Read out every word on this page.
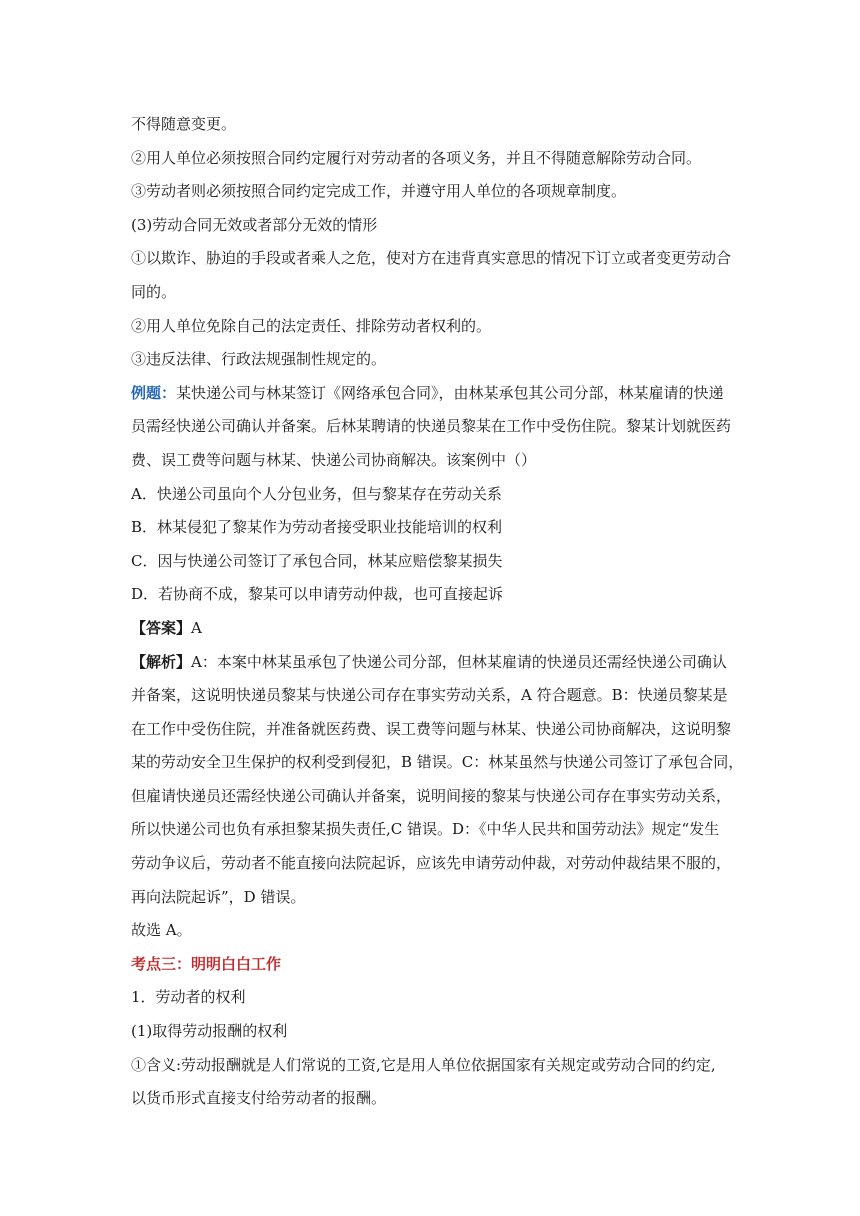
不得随意变更。

②用人单位必须按照合同约定履行对劳动者的各项义务，并且不得随意解除劳动合同。

③劳动者则必须按照合同约定完成工作，并遵守用人单位的各项规章制度。

(3)劳动合同无效或者部分无效的情形

①以欺诈、胁迫的手段或者乘人之危，使对方在违背真实意思的情况下订立或者变更劳动合

同的。

②用人单位免除自己的法定责任、排除劳动者权利的。

③违反法律、行政法规强制性规定的。

例题：某快递公司与林某签订《网络承包合同》，由林某承包其公司分部，林某雇请的快递

员需经快递公司确认并备案。后林某聘请的快递员黎某在工作中受伤住院。黎某计划就医药

费、误工费等问题与林某、快递公司协商解决。该案例中（）

A．快递公司虽向个人分包业务，但与黎某存在劳动关系

B．林某侵犯了黎某作为劳动者接受职业技能培训的权利

C．因与快递公司签订了承包合同，林某应赔偿黎某损失

D．若协商不成，黎某可以申请劳动仲裁，也可直接起诉

【答案】A

【解析】A：本案中林某虽承包了快递公司分部，但林某雇请的快递员还需经快递公司确认

并备案，这说明快递员黎某与快递公司存在事实劳动关系，A 符合题意。B：快递员黎某是

在工作中受伤住院，并准备就医药费、误工费等问题与林某、快递公司协商解决，这说明黎

某的劳动安全卫生保护的权利受到侵犯，B 错误。C：林某虽然与快递公司签订了承包合同，

但雇请快递员还需经快递公司确认并备案，说明间接的黎某与快递公司存在事实劳动关系，

所以快递公司也负有承担黎某损失责任,C 错误。D：《中华人民共和国劳动法》规定“发生

劳动争议后，劳动者不能直接向法院起诉，应该先申请劳动仲裁，对劳动仲裁结果不服的，

再向法院起诉”，D 错误。

故选 A。

考点三：明明白白工作

1．劳动者的权利

(1)取得劳动报酬的权利

①含义:劳动报酬就是人们常说的工资,它是用人单位依据国家有关规定或劳动合同的约定,

以货币形式直接支付给劳动者的报酬。
